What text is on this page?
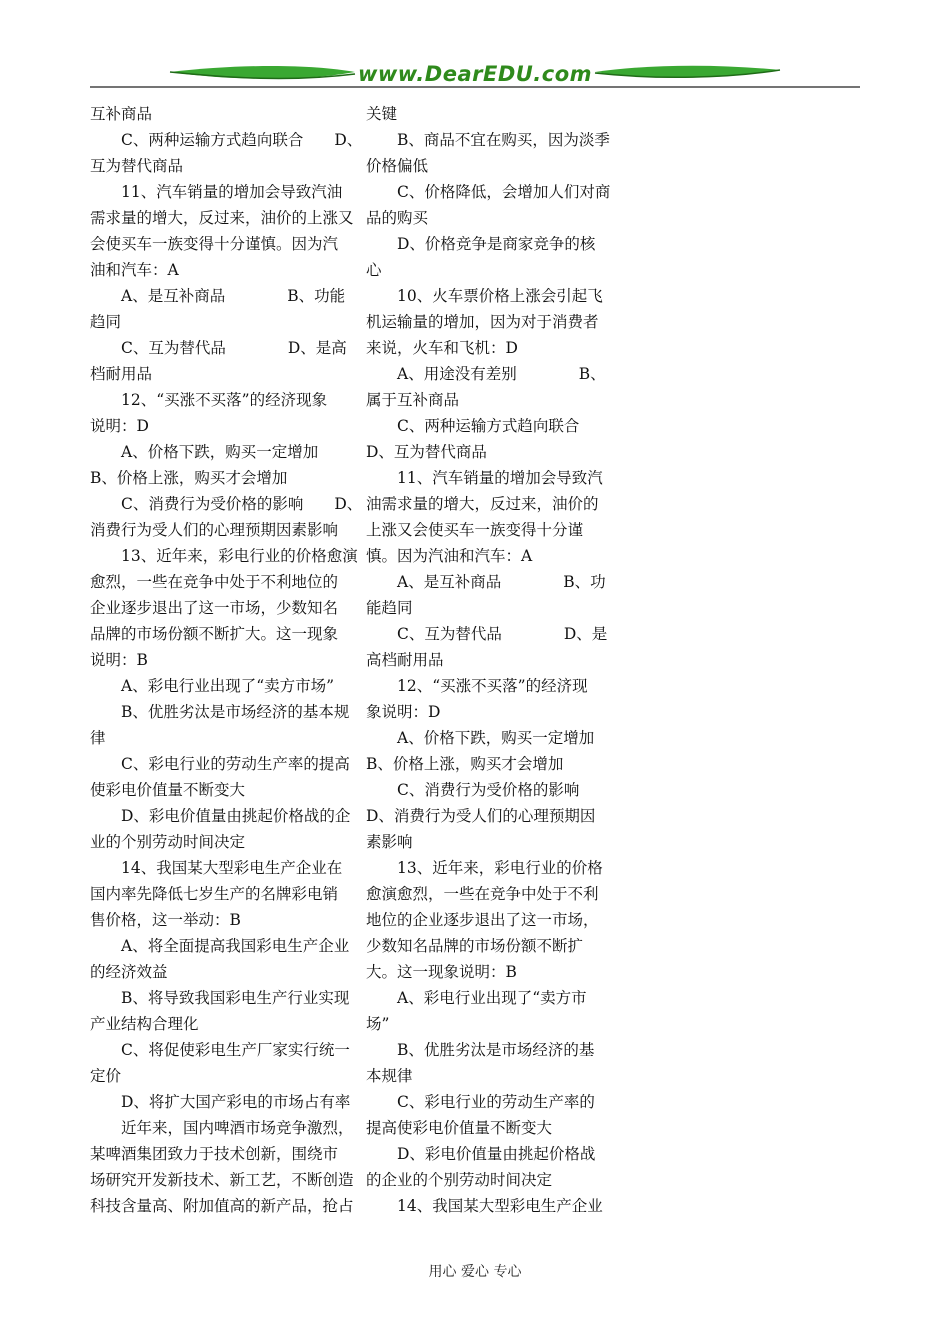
www.DearEDU.com
互补商品
　　C、两种运输方式趋向联合　　D、
互为替代商品
　　11、汽车销量的增加会导致汽油
需求量的增大，反过来，油价的上涨又
会使买车一族变得十分谨慎。因为汽
油和汽车：A
　　A、是互补商品　　　　B、功能
趋同
　　C、互为替代品　　　　D、是高
档耐用品
　　12、“买涨不买落”的经济现象
说明：D
　　A、价格下跌，购买一定增加
B、价格上涨，购买才会增加
　　C、消费行为受价格的影响　　D、
消费行为受人们的心理预期因素影响
　　13、近年来，彩电行业的价格愈演
愈烈，一些在竞争中处于不利地位的
企业逐步退出了这一市场，少数知名
品牌的市场份额不断扩大。这一现象
说明：B
　　A、彩电行业出现了“卖方市场”
　　B、优胜劣汰是市场经济的基本规
律
　　C、彩电行业的劳动生产率的提高
使彩电价值量不断变大
　　D、彩电价值量由挑起价格战的企
业的个别劳动时间决定
　　14、我国某大型彩电生产企业在
国内率先降低七岁生产的名牌彩电销
售价格，这一举动：B
　　A、将全面提高我国彩电生产企业
的经济效益
　　B、将导致我国彩电生产行业实现
产业结构合理化
　　C、将促使彩电生产厂家实行统一
定价
　　D、将扩大国产彩电的市场占有率
　　近年来，国内啤酒市场竞争激烈，
某啤酒集团致力于技术创新，围绕市
场研究开发新技术、新工艺，不断创造
科技含量高、附加值高的新产品，抢占
关键
　　B、商品不宜在购买，因为淡季
价格偏低
　　C、价格降低，会增加人们对商
品的购买
　　D、价格竞争是商家竞争的核
心
　　10、火车票价格上涨会引起飞
机运输量的增加，因为对于消费者
来说，火车和飞机：D
　　A、用途没有差别　　　　B、
属于互补商品
　　C、两种运输方式趋向联合
D、互为替代商品
　　11、汽车销量的增加会导致汽
油需求量的增大，反过来，油价的
上涨又会使买车一族变得十分谨
慎。因为汽油和汽车：A
　　A、是互补商品　　　　B、功
能趋同
　　C、互为替代品　　　　D、是
高档耐用品
　　12、“买涨不买落”的经济现
象说明：D
　　A、价格下跌，购买一定增加
B、价格上涨，购买才会增加
　　C、消费行为受价格的影响
D、消费行为受人们的心理预期因
素影响
　　13、近年来，彩电行业的价格
愈演愈烈，一些在竞争中处于不利
地位的企业逐步退出了这一市场，
少数知名品牌的市场份额不断扩
大。这一现象说明：B
　　A、彩电行业出现了“卖方市
场”
　　B、优胜劣汰是市场经济的基
本规律
　　C、彩电行业的劳动生产率的
提高使彩电价值量不断变大
　　D、彩电价值量由挑起价格战
的企业的个别劳动时间决定
　　14、我国某大型彩电生产企业
用心 爱心 专心
